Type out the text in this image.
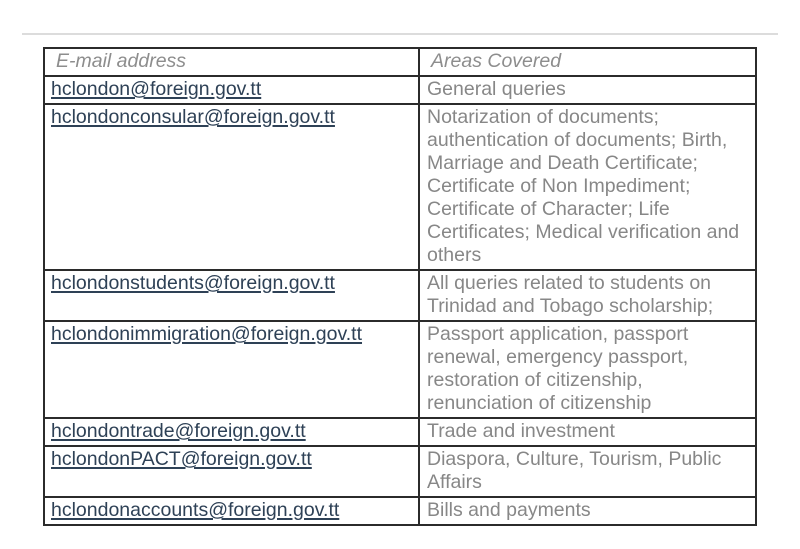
E-mail address	Areas Covered
hclondon@foreign.gov.tt	General queries
hclondonconsular@foreign.gov.tt	Notarization of documents; authentication of documents; Birth, Marriage and Death Certificate; Certificate of Non Impediment; Certificate of Character; Life Certificates; Medical verification and others
hclondonstudents@foreign.gov.tt	All queries related to students on Trinidad and Tobago scholarship;
hclondonimmigration@foreign.gov.tt	Passport application, passport renewal, emergency passport, restoration of citizenship, renunciation of citizenship
hclondontrade@foreign.gov.tt	Trade and investment
hclondonPACT@foreign.gov.tt	Diaspora, Culture, Tourism, Public Affairs
hclondonaccounts@foreign.gov.tt	Bills and payments
